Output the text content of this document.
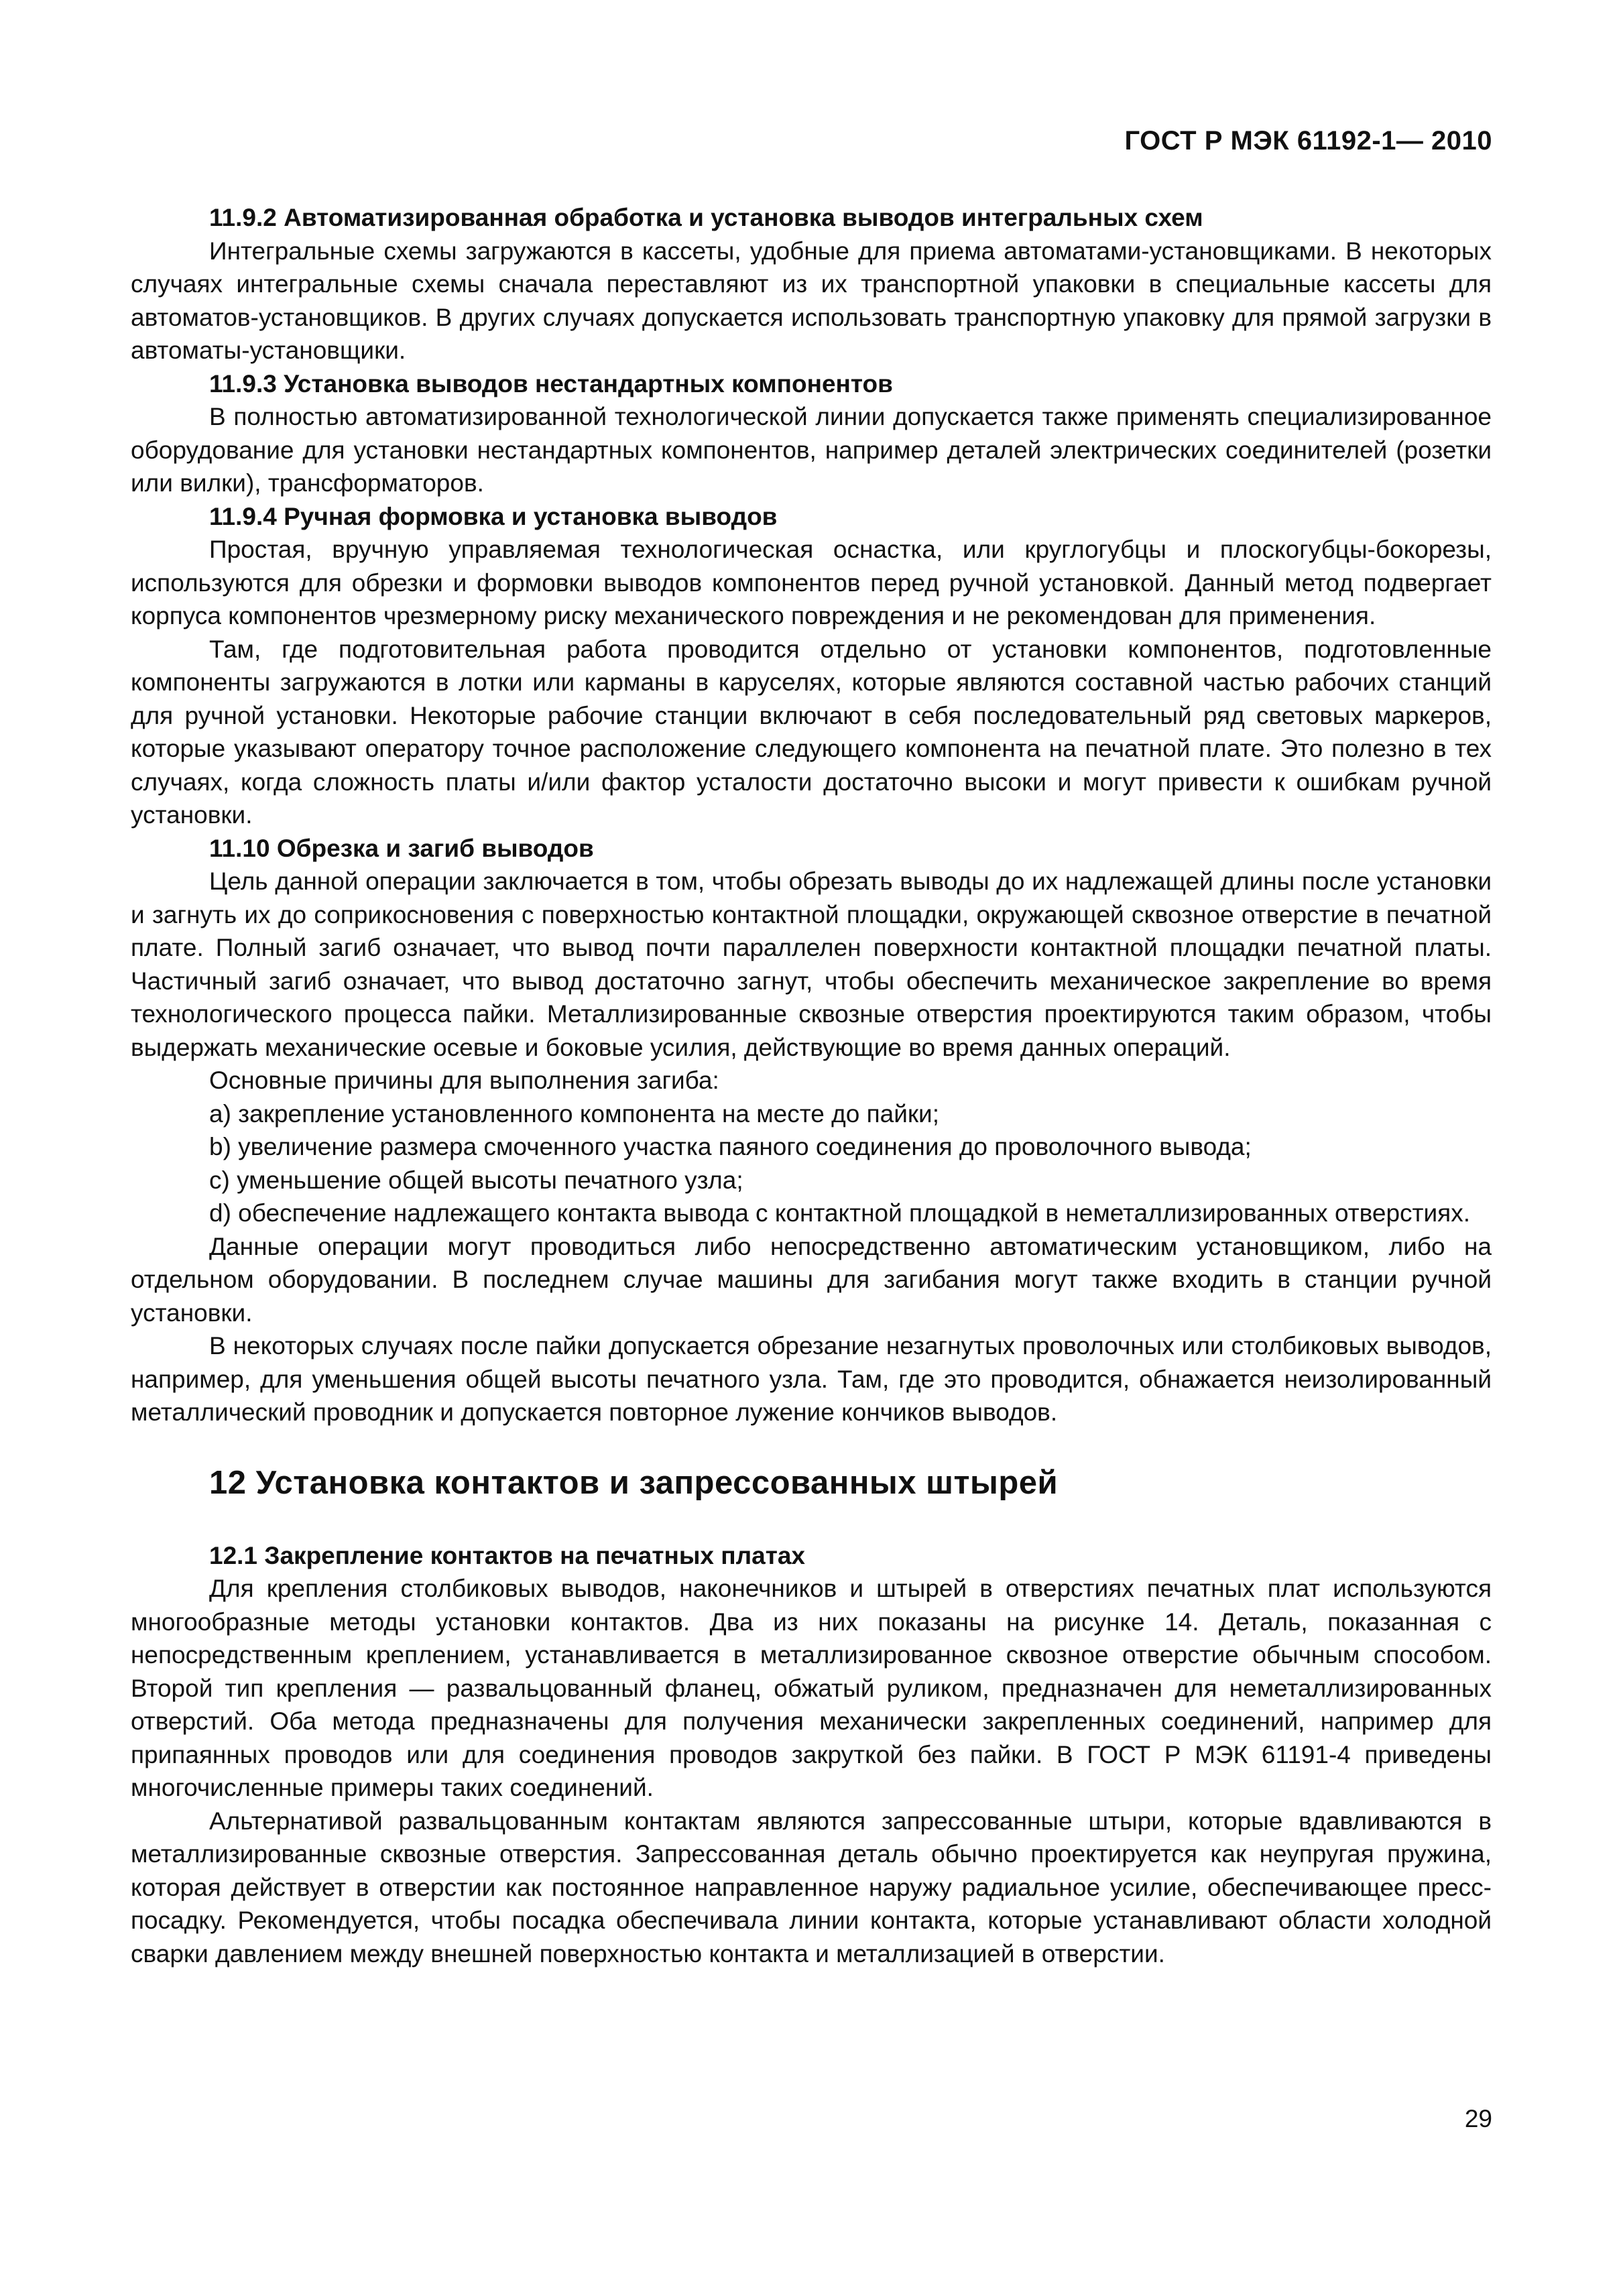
ГОСТ Р МЭК 61192-1— 2010

11.9.2 Автоматизированная обработка и установка выводов интегральных схем

Интегральные схемы загружаются в кассеты, удобные для приема автоматами-установщиками. В некоторых случаях интегральные схемы сначала переставляют из их транспортной упаковки в специальные кассеты для автоматов-установщиков. В других случаях допускается использовать транспортную упаковку для прямой загрузки в автоматы-установщики.

11.9.3 Установка выводов нестандартных компонентов

В полностью автоматизированной технологической линии допускается также применять специализированное оборудование для установки нестандартных компонентов, например деталей электрических соединителей (розетки или вилки), трансформаторов.

11.9.4 Ручная формовка и установка выводов

Простая, вручную управляемая технологическая оснастка, или круглогубцы и плоскогубцы-бокорезы, используются для обрезки и формовки выводов компонентов перед ручной установкой. Данный метод подвергает корпуса компонентов чрезмерному риску механического повреждения и не рекомендован для применения.

Там, где подготовительная работа проводится отдельно от установки компонентов, подготовленные компоненты загружаются в лотки или карманы в каруселях, которые являются составной частью рабочих станций для ручной установки. Некоторые рабочие станции включают в себя последовательный ряд световых маркеров, которые указывают оператору точное расположение следующего компонента на печатной плате. Это полезно в тех случаях, когда сложность платы и/или фактор усталости достаточно высоки и могут привести к ошибкам ручной установки.

11.10 Обрезка и загиб выводов

Цель данной операции заключается в том, чтобы обрезать выводы до их надлежащей длины после установки и загнуть их до соприкосновения с поверхностью контактной площадки, окружающей сквозное отверстие в печатной плате. Полный загиб означает, что вывод почти параллелен поверхности контактной площадки печатной платы. Частичный загиб означает, что вывод достаточно загнут, чтобы обеспечить механическое закрепление во время технологического процесса пайки. Металлизированные сквозные отверстия проектируются таким образом, чтобы выдержать механические осевые и боковые усилия, действующие во время данных операций.

Основные причины для выполнения загиба:

а) закрепление установленного компонента на месте до пайки;

b) увеличение размера смоченного участка паяного соединения до проволочного вывода;

с) уменьшение общей высоты печатного узла;

d) обеспечение надлежащего контакта вывода с контактной площадкой в неметаллизированных отверстиях.

Данные операции могут проводиться либо непосредственно автоматическим установщиком, либо на отдельном оборудовании. В последнем случае машины для загибания могут также входить в станции ручной установки.

В некоторых случаях после пайки допускается обрезание незагнутых проволочных или столбиковых выводов, например, для уменьшения общей высоты печатного узла. Там, где это проводится, обнажается неизолированный металлический проводник и допускается повторное лужение кончиков выводов.

12 Установка контактов и запрессованных штырей

12.1 Закрепление контактов на печатных платах

Для крепления столбиковых выводов, наконечников и штырей в отверстиях печатных плат используются многообразные методы установки контактов. Два из них показаны на рисунке 14. Деталь, показанная с непосредственным креплением, устанавливается в металлизированное сквозное отверстие обычным способом. Второй тип крепления — развальцованный фланец, обжатый руликом, предназначен для неметаллизированных отверстий. Оба метода предназначены для получения механически закрепленных соединений, например для припаянных проводов или для соединения проводов закруткой без пайки. В ГОСТ Р МЭК 61191-4 приведены многочисленные примеры таких соединений.

Альтернативой развальцованным контактам являются запрессованные штыри, которые вдавливаются в металлизированные сквозные отверстия. Запрессованная деталь обычно проектируется как неупругая пружина, которая действует в отверстии как постоянное направленное наружу радиальное усилие, обеспечивающее пресс-посадку. Рекомендуется, чтобы посадка обеспечивала линии контакта, которые устанавливают области холодной сварки давлением между внешней поверхностью контакта и металлизацией в отверстии.

29
